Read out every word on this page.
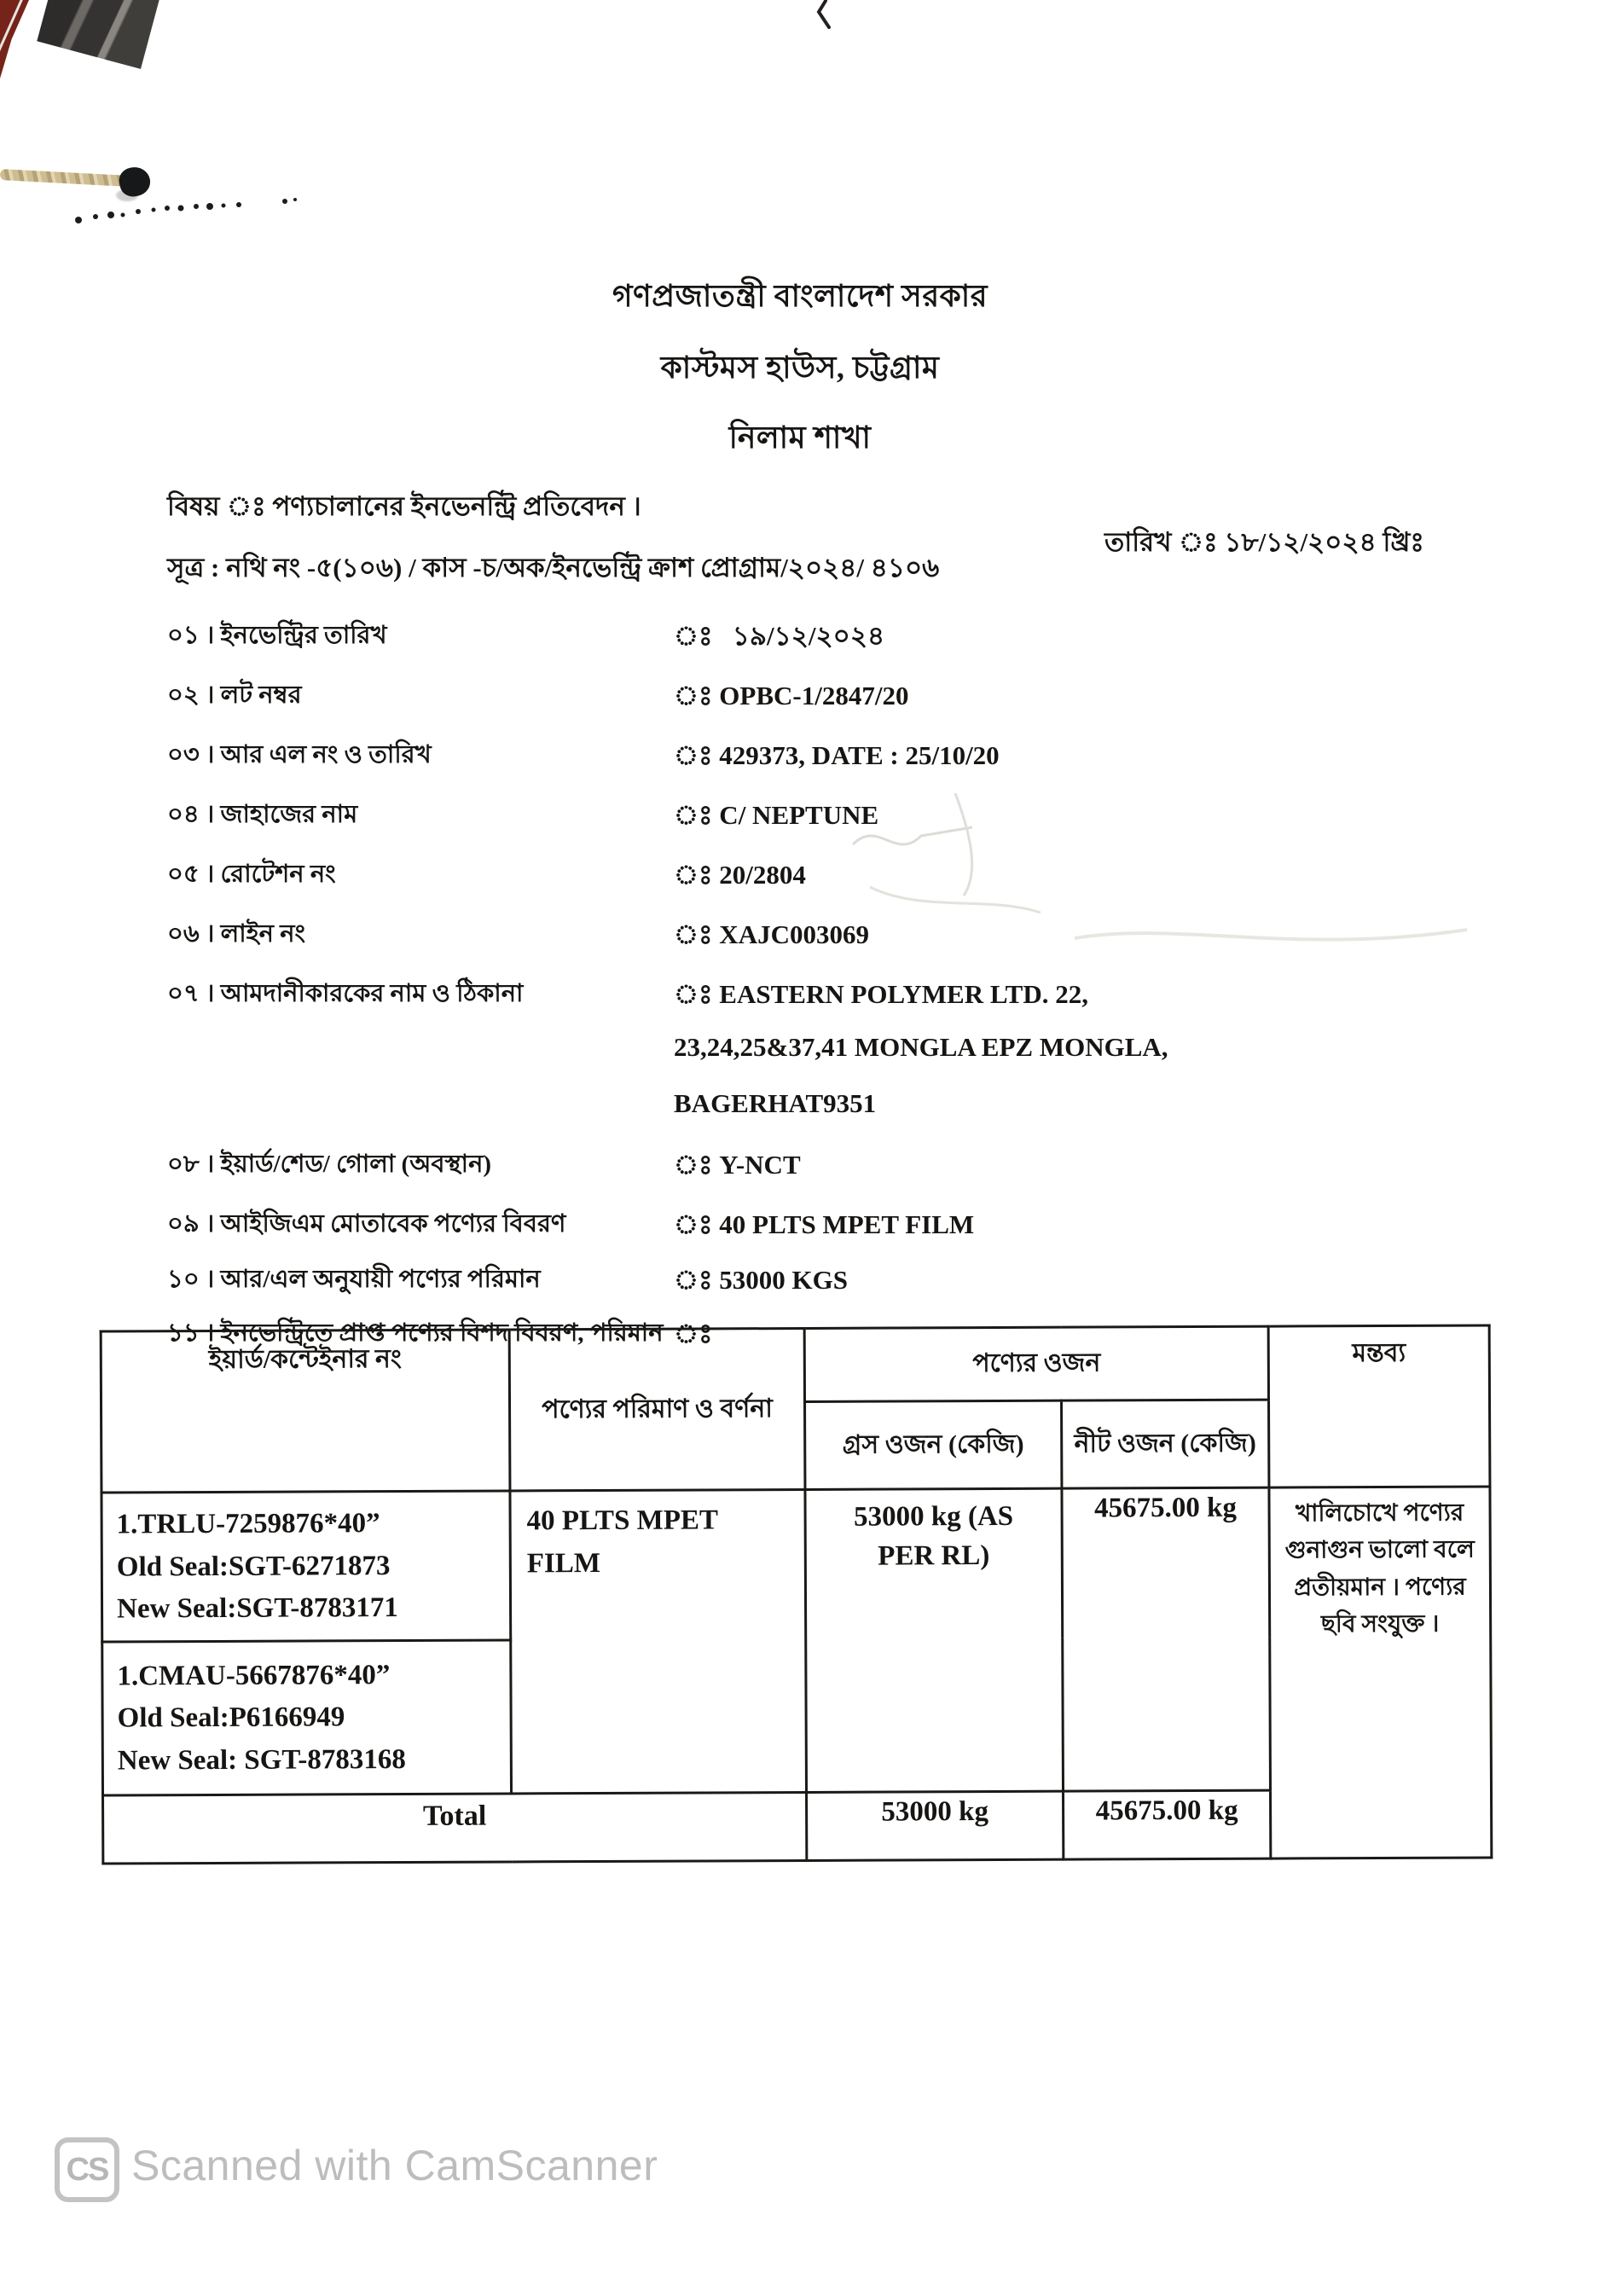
গণপ্রজাতন্ত্রী বাংলাদেশ সরকার
কাস্টমস হাউস, চট্টগ্রাম
নিলাম শাখা
বিষয় ঃ পণ্যচালানের ইনভেনন্ট্রি প্রতিবেদন ।
সূত্র : নথি নং -৫(১০৬) / কাস -চ/অক/ইনভেন্ট্রি ক্রাশ প্রোগ্রাম/২০২৪/ ৪১০৬
তারিখ ঃ ১৮/১২/২০২৪ খ্রিঃ
০১ । ইনভেন্ট্রির তারিখ	ঃ   ১৯/১২/২০২৪
০২ । লট নম্বর	ঃ OPBC-1/2847/20
০৩ । আর এল নং ও তারিখ	ঃ 429373, DATE : 25/10/20
০৪ । জাহাজের নাম	ঃ C/ NEPTUNE
০৫ । রোটেশন নং	ঃ 20/2804
০৬ । লাইন নং	ঃ XAJC003069
০৭ । আমদানীকারকের নাম ও ঠিকানা	ঃ EASTERN POLYMER LTD. 22,
23,24,25&37,41 MONGLA EPZ MONGLA,
BAGERHAT9351
০৮ । ইয়ার্ড/শেড/ গোলা (অবস্থান)	ঃ Y-NCT
০৯ । আইজিএম মোতাবেক পণ্যের বিবরণ	ঃ 40 PLTS MPET FILM
১০ । আর/এল অনুযায়ী পণ্যের পরিমান	ঃ 53000 KGS
১১ । ইনভেন্ট্রিতে প্রাপ্ত পণ্যের বিশদ বিবরণ, পরিমান ঃ
ইয়ার্ড/কন্টেইনার নং	পণ্যের পরিমাণ ও বর্ণনা	পণ্যের ওজন		মন্তব্য
		গ্রস ওজন (কেজি)	নীট ওজন (কেজি)	

1.TRLU-7259876*40”
Old Seal:SGT-6271873
New Seal:SGT-8783171	40 PLTS MPET FILM	53000 kg (AS PER RL)	45675.00 kg	খালিচোখে পণ্যের গুনাগুন ভালো বলে প্রতীয়মান । পণ্যের ছবি সংযুক্ত ।

1.CMAU-5667876*40”
Old Seal:P6166949
New Seal: SGT-8783168				

Total		53000 kg	45675.00 kg	
CS Scanned with CamScanner
